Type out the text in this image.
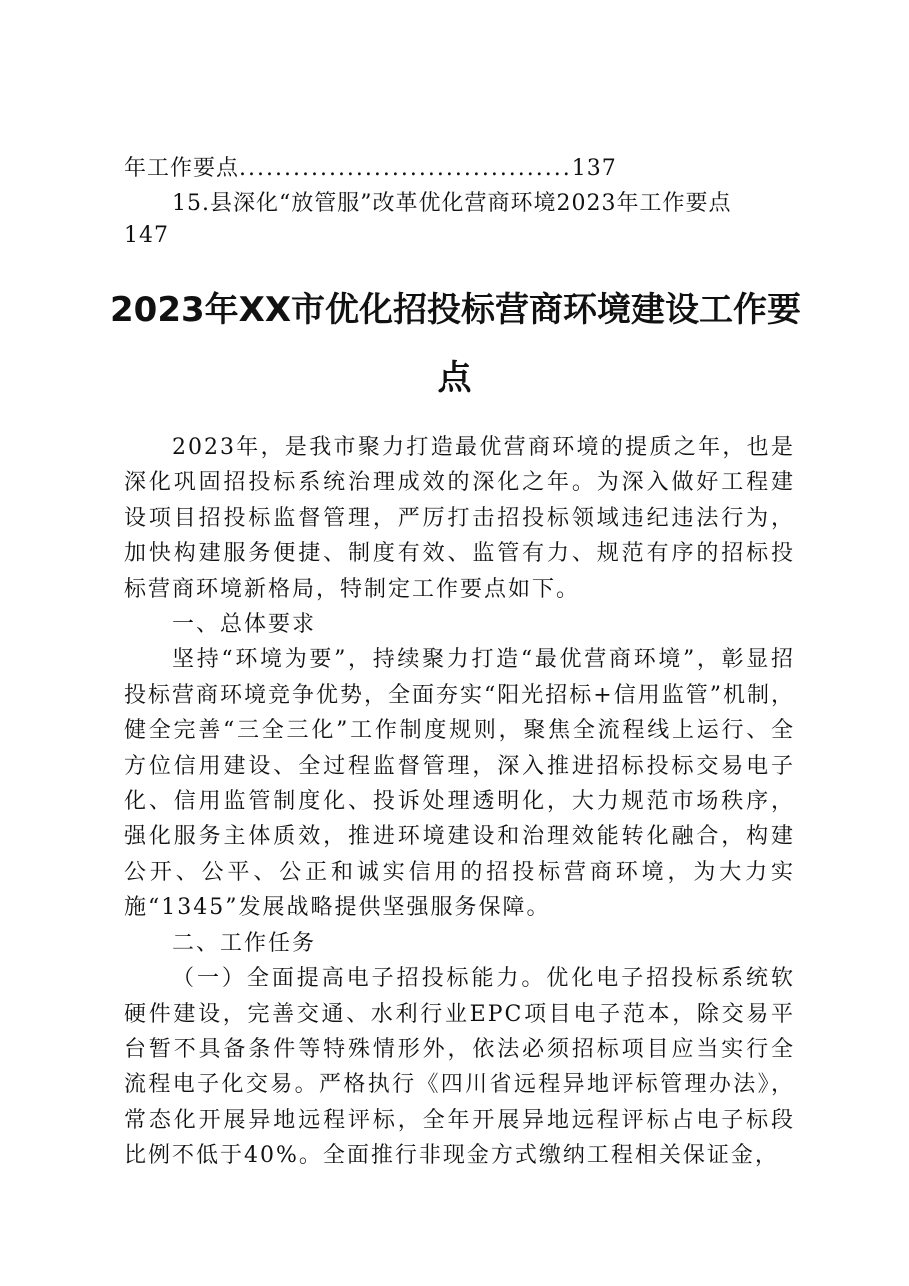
年工作要点.....................................137
15.县深化“放管服”改革优化营商环境2023年工作要点
147
2023年XX市优化招投标营商环境建设工作要
点

2023年，是我市聚力打造最优营商环境的提质之年，也是深化巩固招投标系统治理成效的深化之年。为深入做好工程建设项目招投标监督管理，严厉打击招投标领域违纪违法行为，加快构建服务便捷、制度有效、监管有力、规范有序的招标投标营商环境新格局，特制定工作要点如下。

一、总体要求

坚持“环境为要”，持续聚力打造“最优营商环境”，彰显招投标营商环境竞争优势，全面夯实“阳光招标+信用监管”机制，健全完善“三全三化”工作制度规则，聚焦全流程线上运行、全方位信用建设、全过程监督管理，深入推进招标投标交易电子化、信用监管制度化、投诉处理透明化，大力规范市场秩序，强化服务主体质效，推进环境建设和治理效能转化融合，构建公开、公平、公正和诚实信用的招投标营商环境，为大力实施“1345”发展战略提供坚强服务保障。

二、工作任务

（一）全面提高电子招投标能力。优化电子招投标系统软硬件建设，完善交通、水利行业EPC项目电子范本，除交易平台暂不具备条件等特殊情形外，依法必须招标项目应当实行全流程电子化交易。严格执行《四川省远程异地评标管理办法》，常态化开展异地远程评标，全年开展异地远程评标占电子标段比例不低于40%。全面推行非现金方式缴纳工程相关保证金，
